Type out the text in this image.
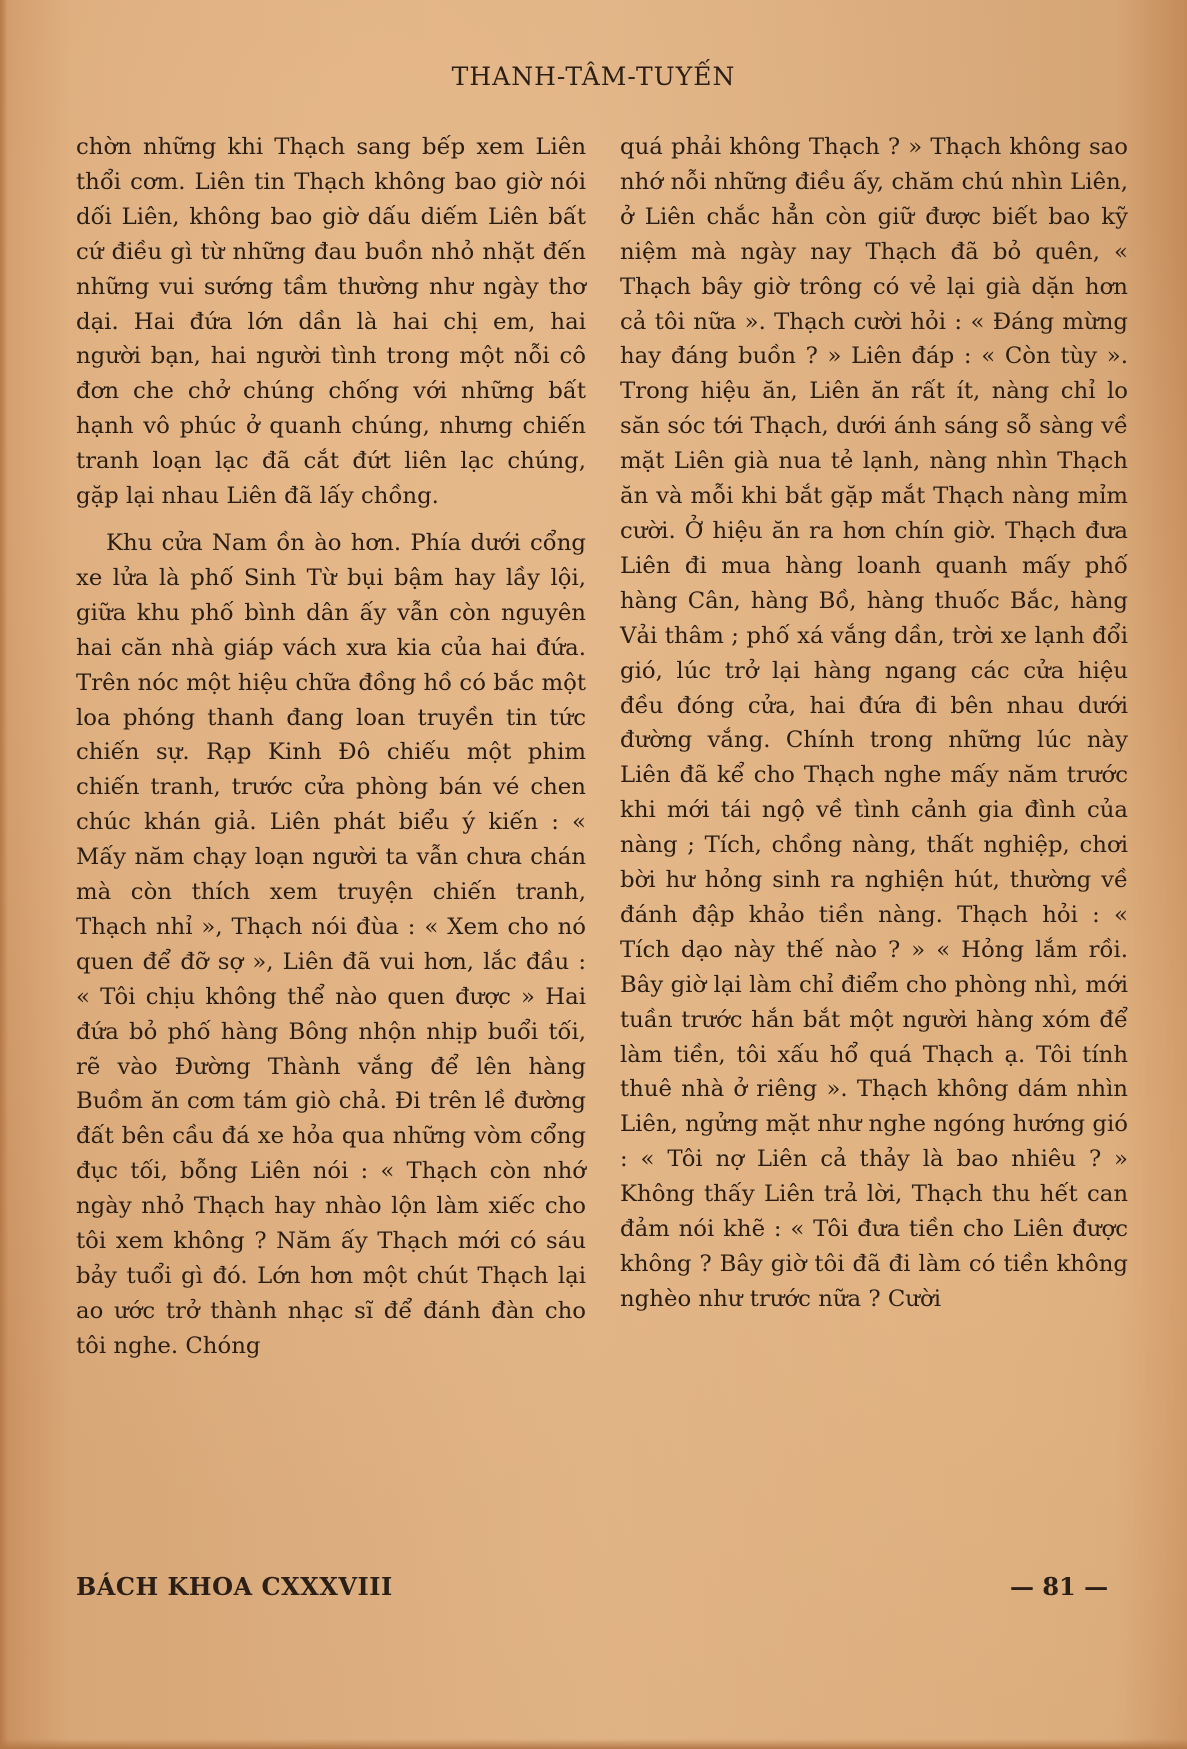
THANH-TÂM-TUYẾN

chờn những khi Thạch sang bếp xem Liên thổi cơm. Liên tin Thạch không bao giờ nói dối Liên, không bao giờ dấu diếm Liên bất cứ điều gì từ những đau buồn nhỏ nhặt đến những vui sướng tầm thường như ngày thơ dại. Hai đứa lớn dần là hai chị em, hai người bạn, hai người tình trong một nỗi cô đơn che chở chúng chống với những bất hạnh vô phúc ở quanh chúng, nhưng chiến tranh loạn lạc đã cắt đứt liên lạc chúng, gặp lại nhau Liên đã lấy chồng.

Khu cửa Nam ồn ào hơn. Phía dưới cổng xe lửa là phố Sinh Từ bụi bậm hay lầy lội, giữa khu phố bình dân ấy vẫn còn nguyên hai căn nhà giáp vách xưa kia của hai đứa. Trên nóc một hiệu chữa đồng hồ có bắc một loa phóng thanh đang loan truyền tin tức chiến sự. Rạp Kinh Đô chiếu một phim chiến tranh, trước cửa phòng bán vé chen chúc khán giả. Liên phát biểu ý kiến : « Mấy năm chạy loạn người ta vẫn chưa chán mà còn thích xem truyện chiến tranh, Thạch nhỉ », Thạch nói đùa : « Xem cho nó quen để đỡ sợ », Liên đã vui hơn, lắc đầu : « Tôi chịu không thể nào quen được » Hai đứa bỏ phố hàng Bông nhộn nhịp buổi tối, rẽ vào Đường Thành vắng để lên hàng Buồm ăn cơm tám giò chả. Đi trên lề đường đất bên cầu đá xe hỏa qua những vòm cổng đục tối, bỗng Liên nói : « Thạch còn nhớ ngày nhỏ Thạch hay nhào lộn làm xiếc cho tôi xem không ? Năm ấy Thạch mới có sáu bảy tuổi gì đó. Lớn hơn một chút Thạch lại ao ước trở thành nhạc sĩ để đánh đàn cho tôi nghe. Chóng

quá phải không Thạch ? » Thạch không sao nhớ nỗi những điều ấy, chăm chú nhìn Liên, ở Liên chắc hẳn còn giữ được biết bao kỹ niệm mà ngày nay Thạch đã bỏ quên, « Thạch bây giờ trông có vẻ lại già dặn hơn cả tôi nữa ». Thạch cười hỏi : « Đáng mừng hay đáng buồn ? » Liên đáp : « Còn tùy ». Trong hiệu ăn, Liên ăn rất ít, nàng chỉ lo săn sóc tới Thạch, dưới ánh sáng sỗ sàng về mặt Liên già nua tẻ lạnh, nàng nhìn Thạch ăn và mỗi khi bắt gặp mắt Thạch nàng mỉm cười. Ở hiệu ăn ra hơn chín giờ. Thạch đưa Liên đi mua hàng loanh quanh mấy phố hàng Cân, hàng Bồ, hàng thuốc Bắc, hàng Vải thâm ; phố xá vắng dần, trời xe lạnh đổi gió, lúc trở lại hàng ngang các cửa hiệu đều đóng cửa, hai đứa đi bên nhau dưới đường vắng. Chính trong những lúc này Liên đã kể cho Thạch nghe mấy năm trước khi mới tái ngộ về tình cảnh gia đình của nàng ; Tích, chồng nàng, thất nghiệp, chơi bời hư hỏng sinh ra nghiện hút, thường về đánh đập khảo tiền nàng. Thạch hỏi : « Tích dạo này thế nào ? » « Hỏng lắm rồi. Bây giờ lại làm chỉ điểm cho phòng nhì, mới tuần trước hắn bắt một người hàng xóm để làm tiền, tôi xấu hổ quá Thạch ạ. Tôi tính thuê nhà ở riêng ». Thạch không dám nhìn Liên, ngửng mặt như nghe ngóng hướng gió : « Tôi nợ Liên cả thảy là bao nhiêu ? » Không thấy Liên trả lời, Thạch thu hết can đảm nói khẽ : « Tôi đưa tiền cho Liên được không ? Bây giờ tôi đã đi làm có tiền không nghèo như trước nữa ? Cười

BÁCH KHOA CXXXVIII	— 81 —
